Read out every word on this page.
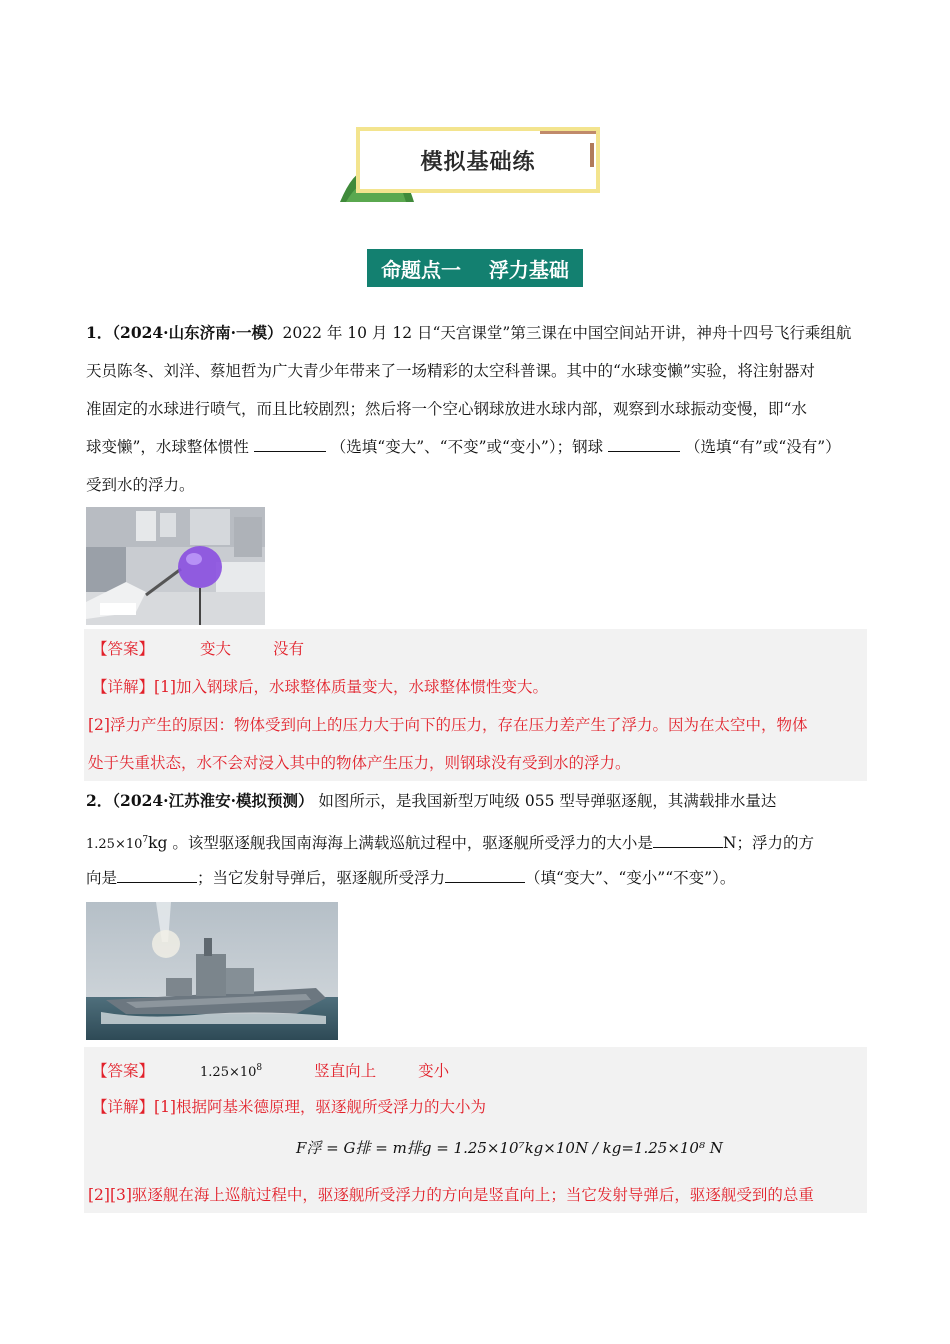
模拟基础练
命题点一    浮力基础
1．（2024·山东济南·一模）2022 年 10 月 12 日“天宫课堂”第三课在中国空间站开讲，神舟十四号飞行乘组航
天员陈冬、刘洋、蔡旭哲为广大青少年带来了一场精彩的太空科普课。其中的“水球变懒”实验，将注射器对
准固定的水球进行喷气，而且比较剧烈；然后将一个空心钢球放进水球内部，观察到水球振动变慢，即“水
球变懒”，水球整体惯性	（选填“变大”、“不变”或“变小”）；钢球	（选填“有”或“没有”）
受到水的浮力。
【答案】	变大	没有
【详解】[1]加入钢球后，水球整体质量变大，水球整体惯性变大。
[2]浮力产生的原因：物体受到向上的压力大于向下的压力，存在压力差产生了浮力。因为在太空中，物体
处于失重状态，水不会对浸入其中的物体产生压力，则钢球没有受到水的浮力。
2．（2024·江苏淮安·模拟预测） 如图所示，是我国新型万吨级 055 型导弹驱逐舰，其满载排水量达
$1.25\times 10^7kg$ 。该型驱逐舰我国南海海上满载巡航过程中，驱逐舰所受浮力的大小是	N；浮力的方
向是	；当它发射导弹后，驱逐舰所受浮力	（填“变大”、“变小”“不变”）。
【答案】	$1.25\times 10^8$	竖直向上	变小
【详解】[1]根据阿基米德原理，驱逐舰所受浮力的大小为
F浮 = G排 = m排g = 1.25×10⁷kg×10N / kg=1.25×10⁸ N
[2][3]驱逐舰在海上巡航过程中，驱逐舰所受浮力的方向是竖直向上；当它发射导弹后，驱逐舰受到的总重
